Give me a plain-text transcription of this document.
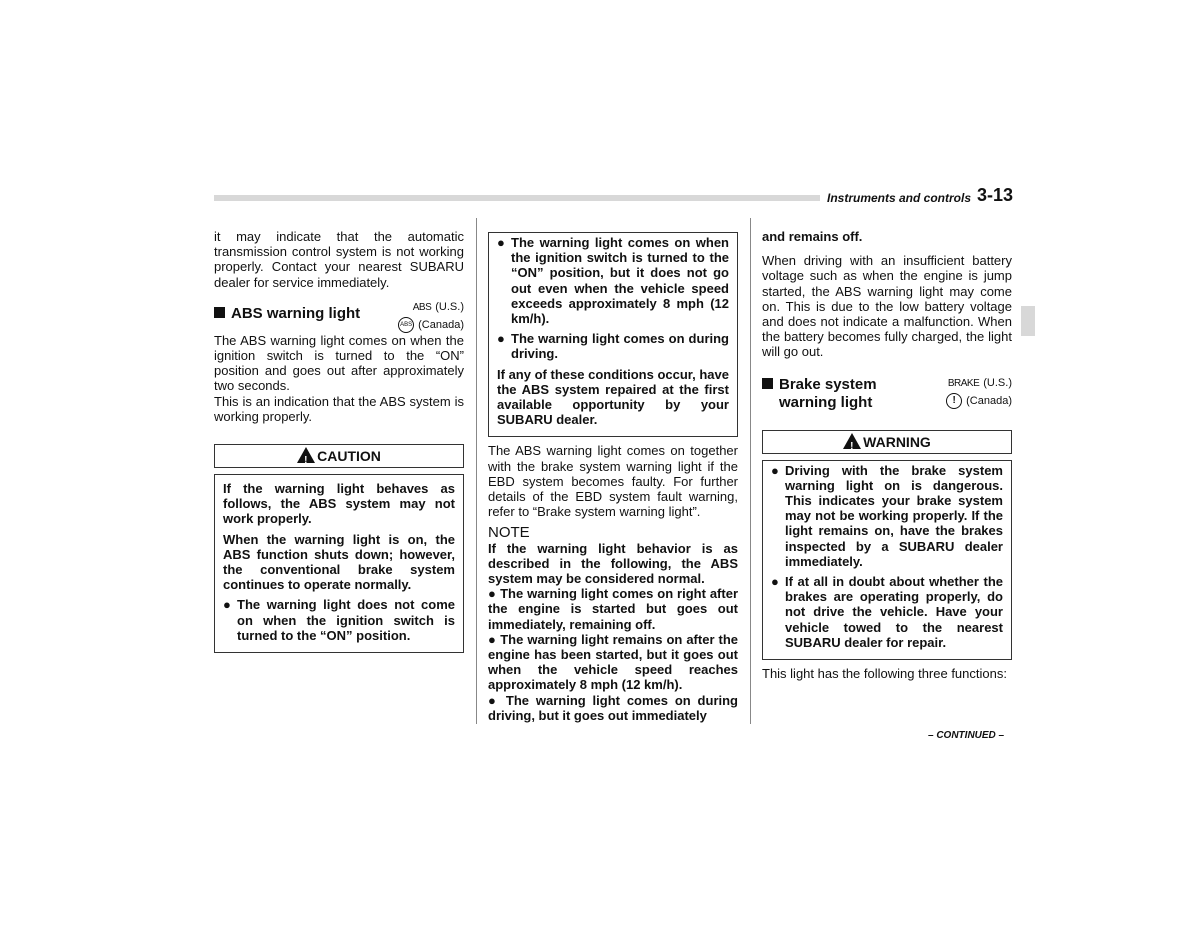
Instruments and controls 3-13

it may indicate that the automatic transmission control system is not working properly. Contact your nearest SUBARU dealer for service immediately.

ABS warning light	ABS (U.S.)
ABS (Canada)

The ABS warning light comes on when the ignition switch is turned to the “ON” position and goes out after approximately two seconds.

This is an indication that the ABS system is working properly.

!CAUTION

If the warning light behaves as follows, the ABS system may not work properly.

When the warning light is on, the ABS function shuts down; however, the conventional brake system continues to operate normally.

● The warning light does not come on when the ignition switch is turned to the “ON” position.
● The warning light comes on when the ignition switch is turned to the “ON” position, but it does not go out even when the vehicle speed exceeds approximately 8 mph (12 km/h).
● The warning light comes on during driving.

If any of these conditions occur, have the ABS system repaired at the first available opportunity by your SUBARU dealer.

The ABS warning light comes on together with the brake system warning light if the EBD system becomes faulty. For further details of the EBD system fault warning, refer to “Brake system warning light”.

NOTE

If the warning light behavior is as described in the following, the ABS system may be considered normal.

● The warning light comes on right after the engine is started but goes out immediately, remaining off.

● The warning light remains on after the engine has been started, but it goes out when the vehicle speed reaches approximately 8 mph (12 km/h).

● The warning light comes on during driving, but it goes out immediately

and remains off.

When driving with an insufficient battery voltage such as when the engine is jump started, the ABS warning light may come on. This is due to the low battery voltage and does not indicate a malfunction. When the battery becomes fully charged, the light will go out.

Brake system
warning light
BRAKE (U.S.)
! (Canada)
!WARNING
● Driving with the brake system warning light on is dangerous. This indicates your brake system may not be working properly. If the light remains on, have the brakes inspected by a SUBARU dealer immediately.
● If at all in doubt about whether the brakes are operating properly, do not drive the vehicle. Have your vehicle towed to the nearest SUBARU dealer for repair.

This light has the following three functions:

– CONTINUED –
